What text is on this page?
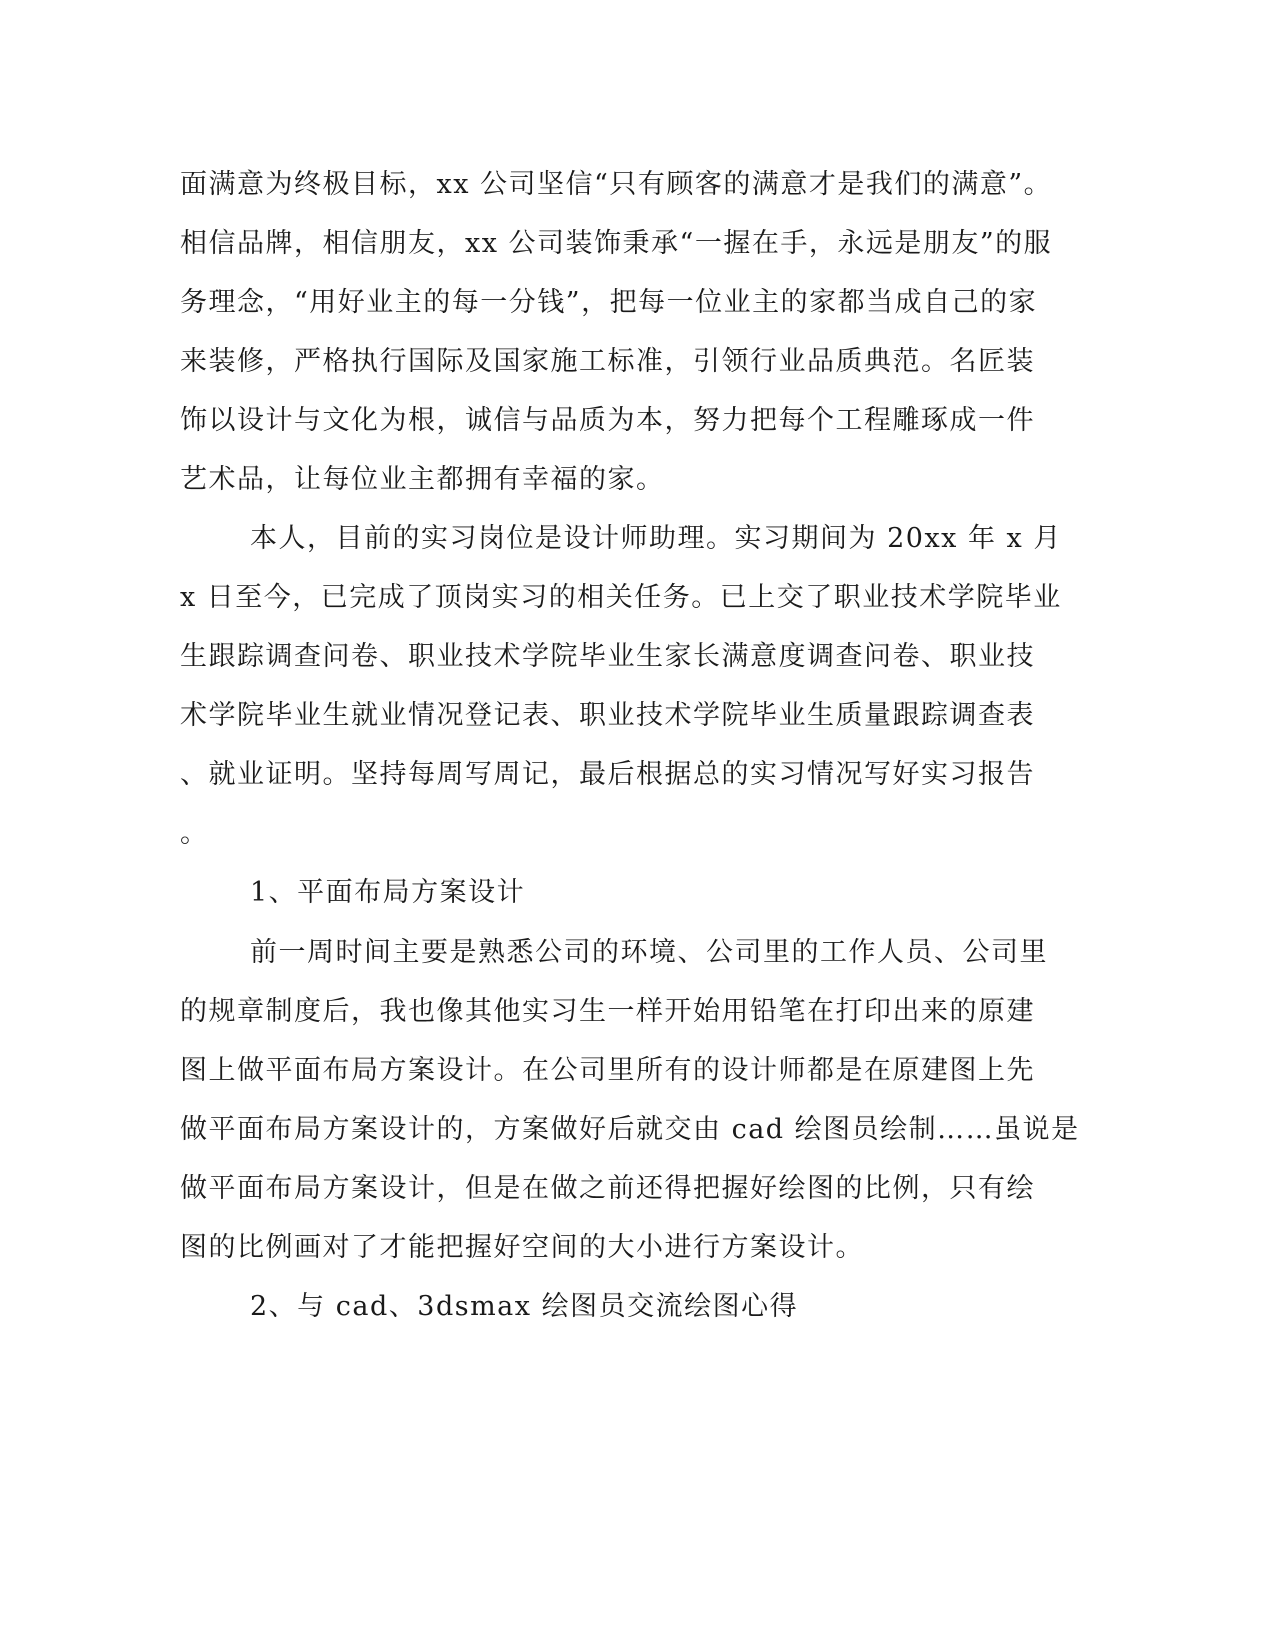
面满意为终极目标，xx 公司坚信“只有顾客的满意才是我们的满意”。
相信品牌，相信朋友，xx 公司装饰秉承“一握在手，永远是朋友”的服
务理念，“用好业主的每一分钱”，把每一位业主的家都当成自己的家
来装修，严格执行国际及国家施工标准，引领行业品质典范。名匠装
饰以设计与文化为根，诚信与品质为本，努力把每个工程雕琢成一件
艺术品，让每位业主都拥有幸福的家。
本人，目前的实习岗位是设计师助理。实习期间为 20xx 年 x 月
x 日至今，已完成了顶岗实习的相关任务。已上交了职业技术学院毕业
生跟踪调查问卷、职业技术学院毕业生家长满意度调查问卷、职业技
术学院毕业生就业情况登记表、职业技术学院毕业生质量跟踪调查表
、就业证明。坚持每周写周记，最后根据总的实习情况写好实习报告
。
1、平面布局方案设计
前一周时间主要是熟悉公司的环境、公司里的工作人员、公司里
的规章制度后，我也像其他实习生一样开始用铅笔在打印出来的原建
图上做平面布局方案设计。在公司里所有的设计师都是在原建图上先
做平面布局方案设计的，方案做好后就交由 cad 绘图员绘制……虽说是
做平面布局方案设计，但是在做之前还得把握好绘图的比例，只有绘
图的比例画对了才能把握好空间的大小进行方案设计。
2、与 cad、3dsmax 绘图员交流绘图心得
